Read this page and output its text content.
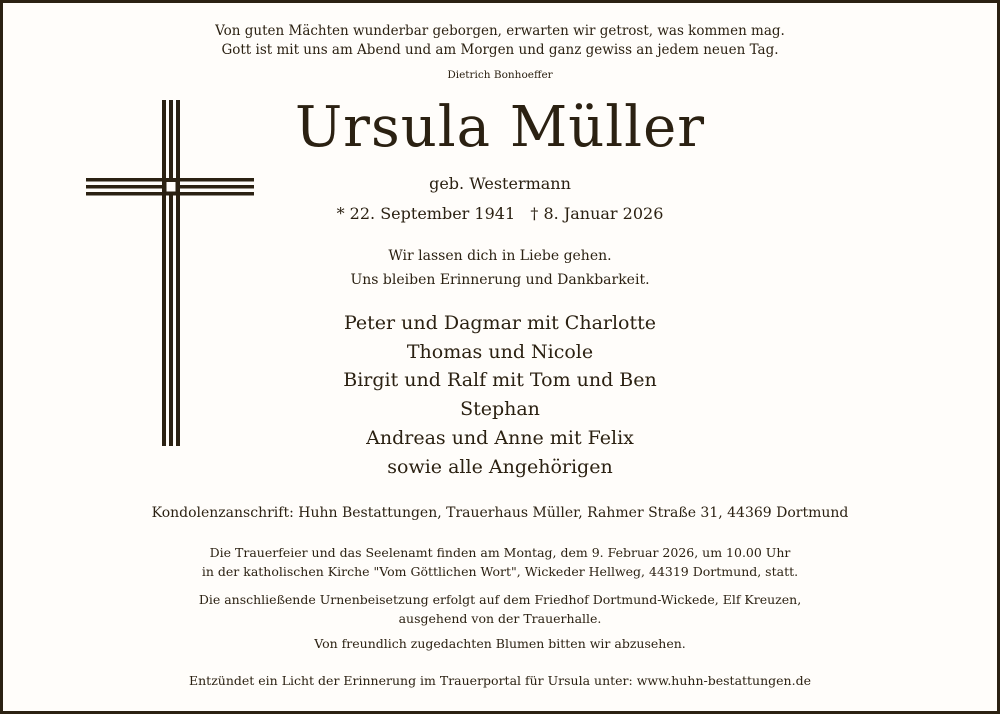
Von guten Mächten wunderbar geborgen, erwarten wir getrost, was kommen mag.
Gott ist mit uns am Abend und am Morgen und ganz gewiss an jedem neuen Tag.
Dietrich Bonhoeffer
Ursula Müller
geb. Westermann
* 22. September 1941 † 8. Januar 2026
Wir lassen dich in Liebe gehen.
Uns bleiben Erinnerung und Dankbarkeit.
Peter und Dagmar mit Charlotte
Thomas und Nicole
Birgit und Ralf mit Tom und Ben
Stephan
Andreas und Anne mit Felix
sowie alle Angehörigen
Kondolenzanschrift: Huhn Bestattungen, Trauerhaus Müller, Rahmer Straße 31, 44369 Dortmund
Die Trauerfeier und das Seelenamt finden am Montag, dem 9. Februar 2026, um 10.00 Uhr
in der katholischen Kirche "Vom Göttlichen Wort", Wickeder Hellweg, 44319 Dortmund, statt.
Die anschließende Urnenbeisetzung erfolgt auf dem Friedhof Dortmund-Wickede, Elf Kreuzen,
ausgehend von der Trauerhalle.
Von freundlich zugedachten Blumen bitten wir abzusehen.
Entzündet ein Licht der Erinnerung im Trauerportal für Ursula unter: www.huhn-bestattungen.de
